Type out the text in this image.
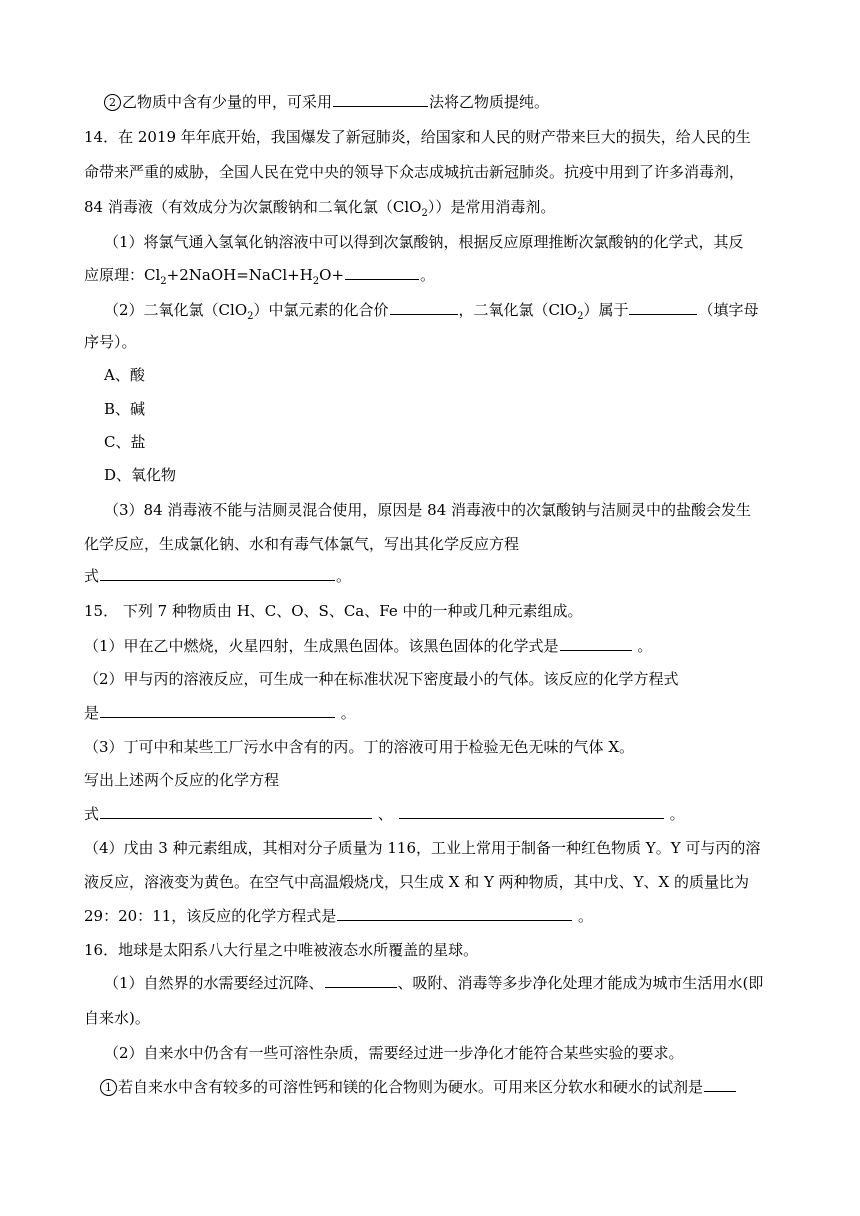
2 乙物质中含有少量的甲，可采用	法将乙物质提纯。
14．在 2019 年年底开始，我国爆发了新冠肺炎，给国家和人民的财产带来巨大的损失，给人民的生
命带来严重的威胁，全国人民在党中央的领导下众志成城抗击新冠肺炎。抗疫中用到了许多消毒剂，
84 消毒液（有效成分为次氯酸钠和二氧化氯（ClO$_2$））是常用消毒剂。
（1）将氯气通入氢氧化钠溶液中可以得到次氯酸钠，根据反应原理推断次氯酸钠的化学式，其反
应原理：$Cl_2+2NaOH=NaCl+H_2O+$	。
（2）二氧化氯（ClO$_2$）中氯元素的化合价	，二氧化氯（ClO$_2$）属于	（填字母
序号）。
A、酸
B、碱
C、盐
D、氧化物
（3）84 消毒液不能与洁厕灵混合使用，原因是 84 消毒液中的次氯酸钠与洁厕灵中的盐酸会发生
化学反应，生成氯化钠、水和有毒气体氯气，写出其化学反应方程
式	。
15． 下列 7 种物质由 H、C、O、S、Ca、Fe 中的一种或几种元素组成。
（1）甲在乙中燃烧，火星四射，生成黑色固体。该黑色固体的化学式是	。
（2）甲与丙的溶液反应，可生成一种在标准状况下密度最小的气体。该反应的化学方程式
是	。
（3）丁可中和某些工厂污水中含有的丙。丁的溶液可用于检验无色无味的气体 X。
写出上述两个反应的化学方程
式	、	。
（4）戊由 3 种元素组成，其相对分子质量为 116，工业上常用于制备一种红色物质 Y。Y 可与丙的溶
液反应，溶液变为黄色。在空气中高温煅烧戊，只生成 X 和 Y 两种物质，其中戊、Y、X 的质量比为
29：20：11，该反应的化学方程式是	。
16．地球是太阳系八大行星之中唯被液态水所覆盖的星球。
（1）自然界的水需要经过沉降、	、吸附、消毒等多步净化处理才能成为城市生活用水(即
自来水)。
（2）自来水中仍含有一些可溶性杂质，需要经过进一步净化才能符合某些实验的要求。
1 若自来水中含有较多的可溶性钙和镁的化合物则为硬水。可用来区分软水和硬水的试剂是
